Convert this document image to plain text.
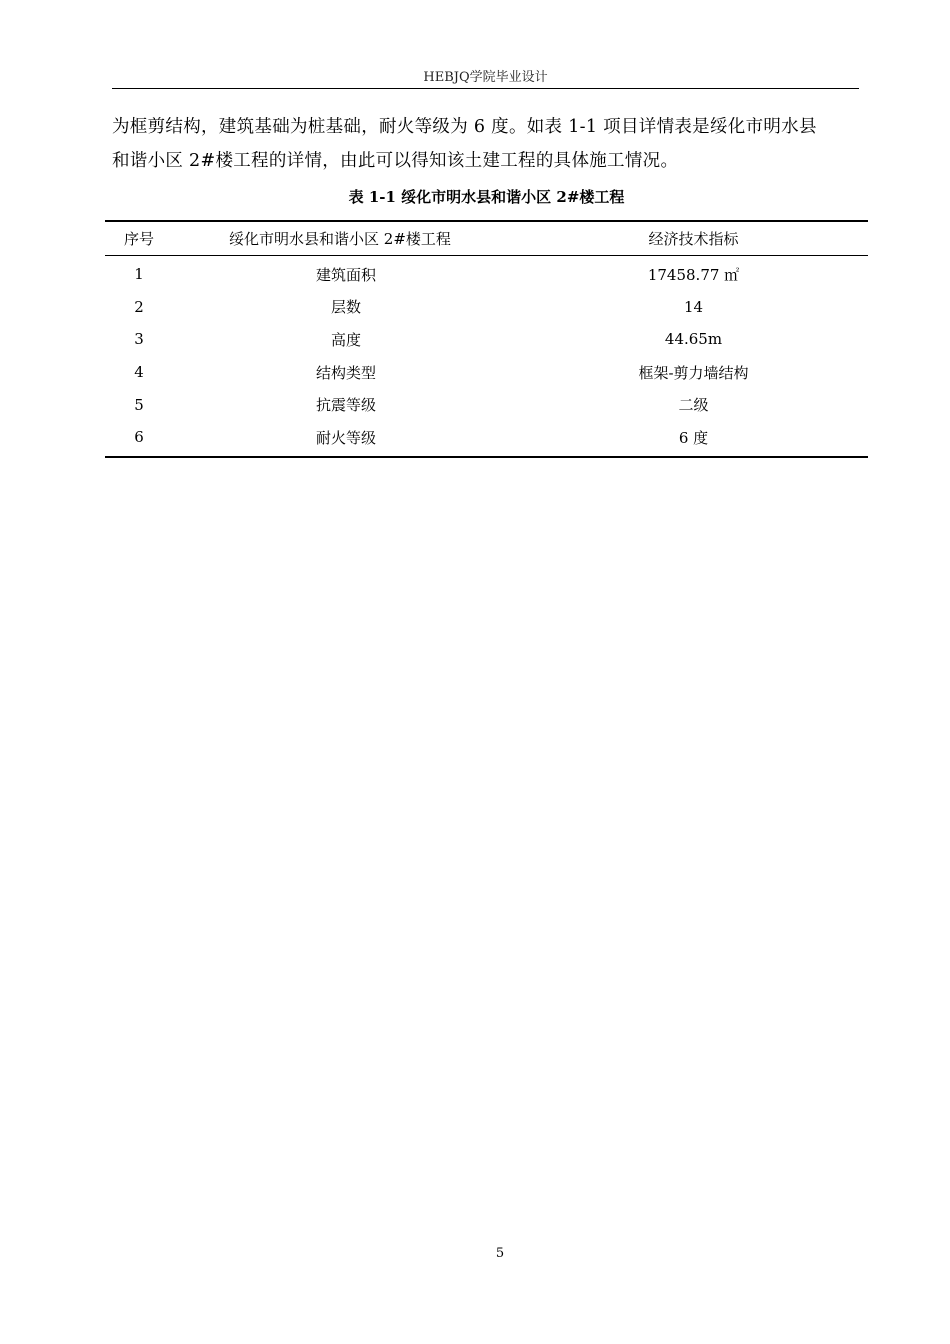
HEBJQ学院毕业设计
为框剪结构，建筑基础为桩基础，耐火等级为 6 度。如表 1-1 项目详情表是绥化市明水县
和谐小区 2#楼工程的详情，由此可以得知该土建工程的具体施工情况。
表 1-1 绥化市明水县和谐小区 2#楼工程
序号	绥化市明水县和谐小区 2#楼工程	经济技术指标
1	建筑面积	17458.77 ㎡
2	层数	14
3	高度	44.65m
4	结构类型	框架-剪力墙结构
5	抗震等级	二级
6	耐火等级	6 度
5
